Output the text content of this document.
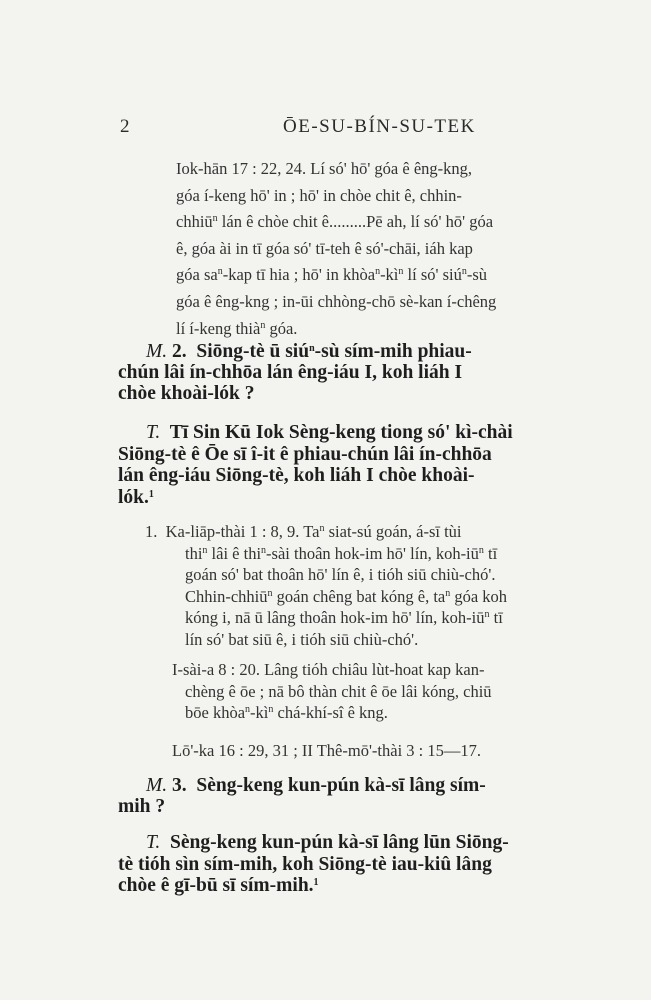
2	ŌE-SU-BÍN-SU-TEK
Iok-hān 17 : 22, 24. Lí só' hō' góa ê êng-kng,
góa í-keng hō' in ; hō' in chòe chit ê, chhin-
chhiū$^n$ lán ê chòe chit ê.........Pē ah, lí só' hō' góa
ê, góa ài in tī góa só' tī-teh ê só'-chāi, iáh kap
góa $sa^n$-kap tī hia ; hō' in $khòa^n-kì^n$ lí só' siú$^n$-sù
góa ê êng-kng ; in-ūi chhòng-chō sè-kan í-chêng
lí í-keng thià$^n$ góa.
M. 2. Siōng-tè ū siú$^n$-sù sím-mih phiau-
chún lâi ín-chhōa lán êng-iáu I, koh liáh I
chòe khoài-lók ?
T. Tī Sin Kū Iok Sèng-keng tiong só' kì-chài
Siōng-tè ê Ōe sī î-it ê phiau-chún lâi ín-chhōa
lán êng-iáu Siōng-tè, koh liáh I chòe khoài-
lók.$^1$
1. Ka-liāp-thài 1 : 8, 9. Ta$^n$ siat-sú goán, á-sī tùi
thi$^n$ lâi ê thi$^n$-sài thoân hok-im hō' lín, koh-$iū^n$ tī
goán só' bat thoân hō' lín ê, i tióh siū chiù-chó'.
Chhin-chhiū$^n$ goán chêng bat kóng ê, $ta^n$ góa koh
kóng i, nā ū lâng thoân hok-im hō' lín, koh-$iū^n$ tī
lín só' bat siū ê, i tióh siū chiù-chó'.
I-sài-a 8 : 20. Lâng tióh chiâu lùt-hoat kap kan-
chèng ê ōe ; nā bô thàn chit ê ōe lâi kóng, chiū
bōe $khòa^n-kì^n$ chá-khí-sî ê kng.
Lō'-ka 16 : 29, 31 ; II Thê-mō'-thài 3 : 15—17.
M. 3. Sèng-keng kun-pún kà-sī lâng sím-
mih ?
T. Sèng-keng kun-pún kà-sī lâng lūn Siōng-
tè tióh sìn sím-mih, koh Siōng-tè iau-kiû lâng
chòe ê gī-bū sī sím-mih.$^1$
